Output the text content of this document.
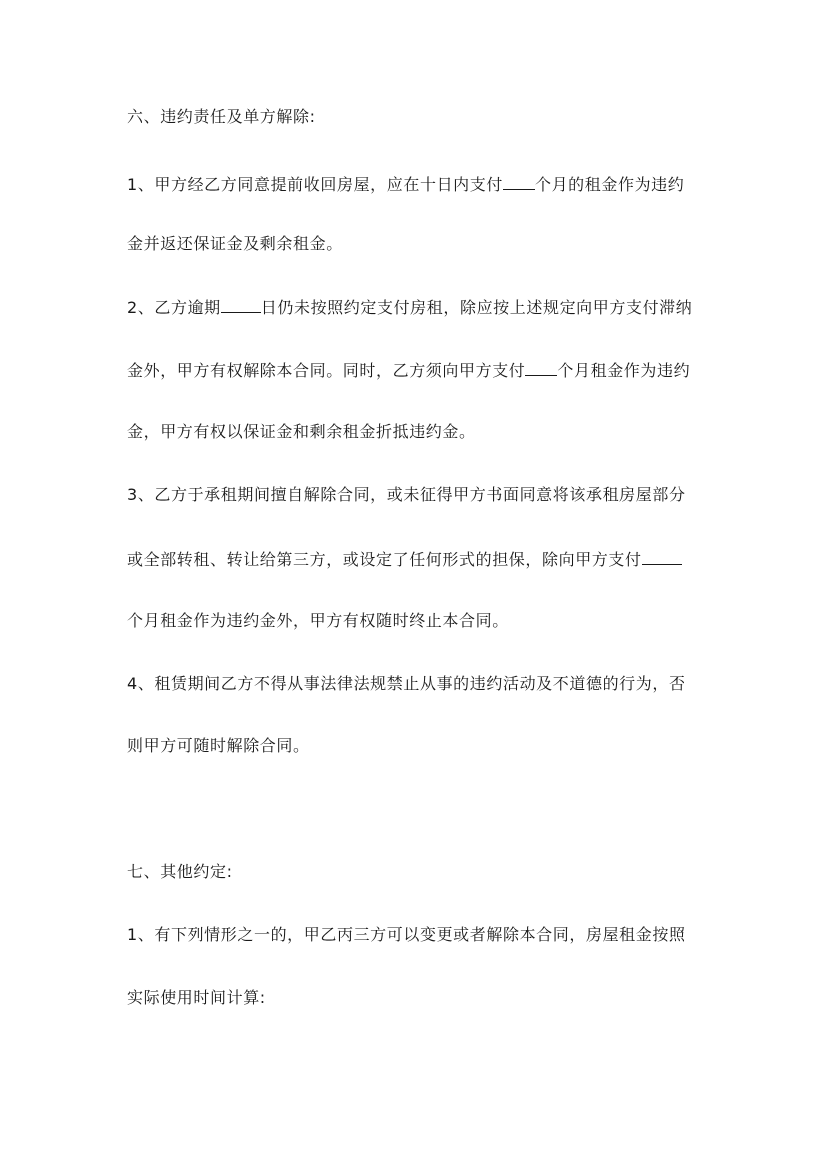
六、违约责任及单方解除:
1、甲方经乙方同意提前收回房屋，应在十日内支付 个月的租金作为违约
金并返还保证金及剩余租金。
2、乙方逾期	日仍未按照约定支付房租，除应按上述规定向甲方支付滞纳
金外，甲方有权解除本合同。同时，乙方须向甲方支付 个月租金作为违约
金，甲方有权以保证金和剩余租金折抵违约金。
3、乙方于承租期间擅自解除合同，或未征得甲方书面同意将该承租房屋部分
或全部转租、转让给第三方，或设定了任何形式的担保，除向甲方支付
个月租金作为违约金外，甲方有权随时终止本合同。
4、租赁期间乙方不得从事法律法规禁止从事的违约活动及不道德的行为，否
则甲方可随时解除合同。
七、其他约定:
1、有下列情形之一的，甲乙丙三方可以变更或者解除本合同，房屋租金按照
实际使用时间计算:
